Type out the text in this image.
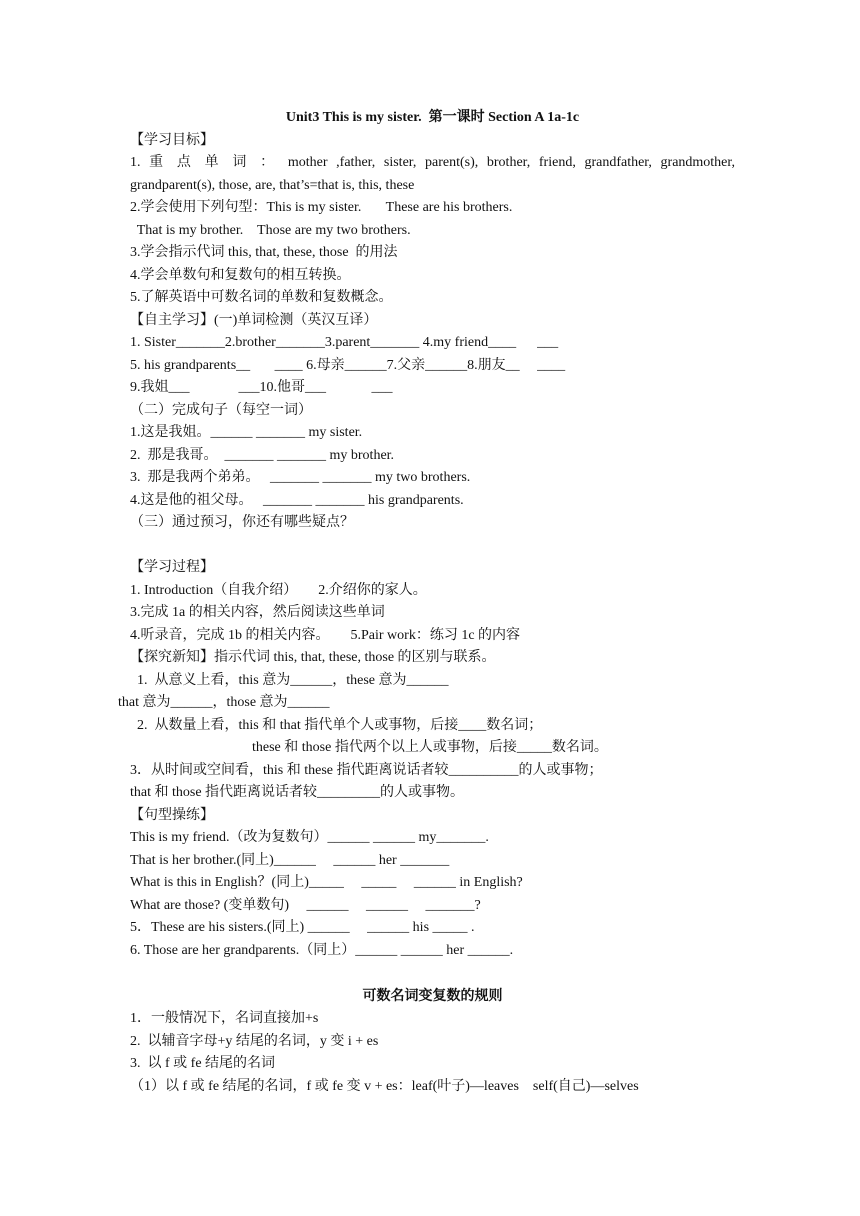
Unit3 This is my sister.  第一课时 Section A 1a-1c
【学习目标】
1. 重 点 单 词 ： mother ,father, sister, parent(s), brother, friend, grandfather, grandmother,
grandparent(s), those, are, that’s=that is, this, these
2.学会使用下列句型：This is my sister.       These are his brothers.
That is my brother.    Those are my two brothers.
3.学会指示代词 this, that, these, those  的用法
4.学会单数句和复数句的相互转换。
5.了解英语中可数名词的单数和复数概念。
【自主学习】(一)单词检测（英汉互译）
1. Sister_______2.brother_______3.parent_______ 4.my friend____      ___
5. his grandparents__       ____ 6.母亲______7.父亲______8.朋友__     ____
9.我姐___              ___10.他哥___             ___
（二）完成句子（每空一词）
1.这是我姐。______ _______ my sister.
2.  那是我哥。  _______ _______ my brother.
3.  那是我两个弟弟。   _______ _______ my two brothers.
4.这是他的祖父母。   _______ _______ his grandparents.
（三）通过预习，你还有哪些疑点？
【学习过程】
1. Introduction（自我介绍）      2.介绍你的家人。
3.完成 1a 的相关内容，然后阅读这些单词
4.听录音，完成 1b 的相关内容。      5.Pair work：练习 1c 的内容
【探究新知】指示代词 this, that, these, those 的区别与联系。
1.  从意义上看，this 意为______，these 意为______
that 意为______，those 意为______
2.  从数量上看，this 和 that 指代单个人或事物，后接____数名词；
these 和 those 指代两个以上人或事物，后接_____数名词。
3．从时间或空间看，this 和 these 指代距离说话者较__________的人或事物；
that 和 those 指代距离说话者较_________的人或事物。
【句型操练】
This is my friend.（改为复数句）______ ______ my_______.
That is her brother.(同上)______     ______ her _______
What is this in English？(同上)_____     _____     ______ in English?
What are those? (变单数句)     ______     ______     _______?
5．These are his sisters.(同上) ______     ______ his _____ .
6. Those are her grandparents.（同上）______ ______ her ______.
可数名词变复数的规则
1．一般情况下，名词直接加+s
2.  以辅音字母+y 结尾的名词，y 变 i + es
3.  以 f 或 fe 结尾的名词
（1）以 f 或 fe 结尾的名词，f 或 fe 变 v + es：leaf(叶子)—leaves    self(自己)—selves
